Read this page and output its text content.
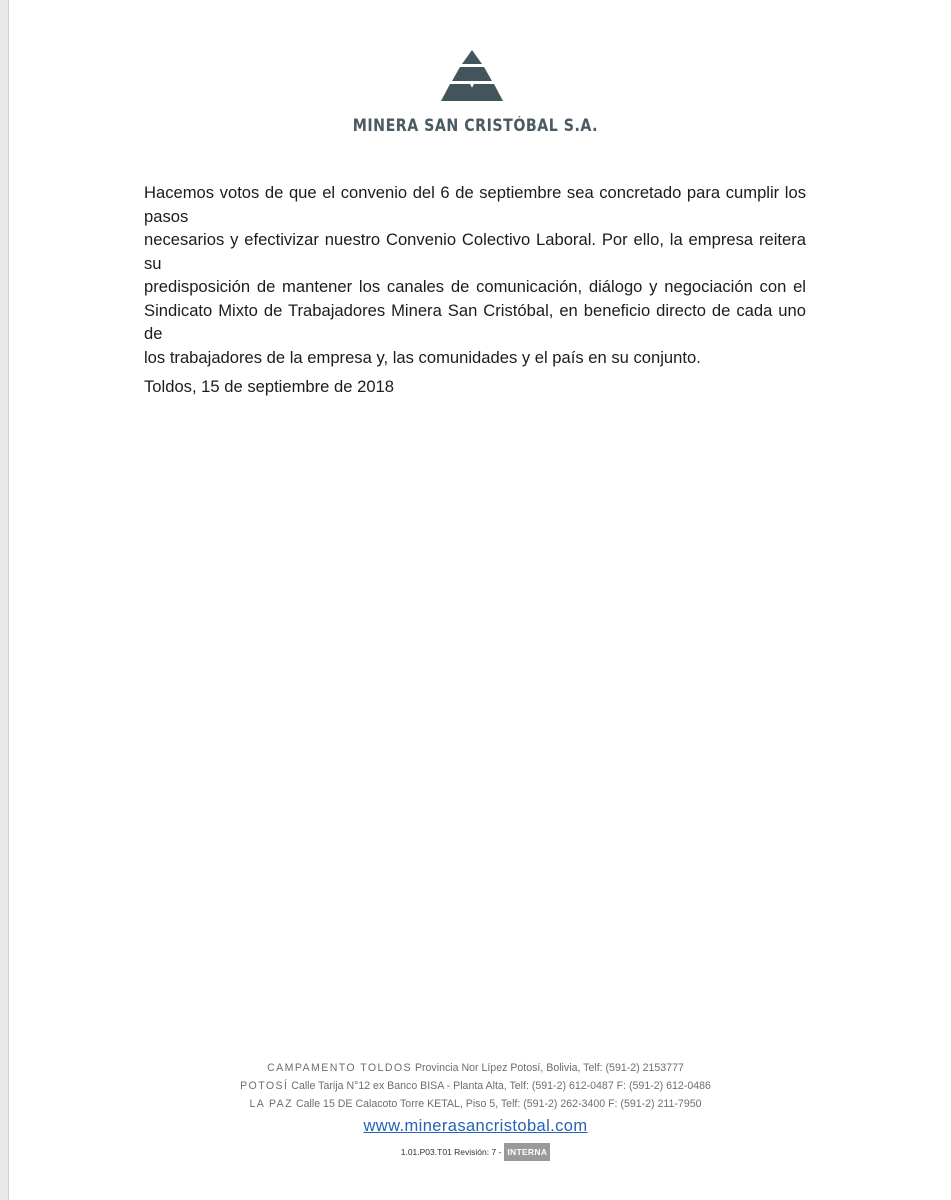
MINERA SAN CRISTÓBAL S.A.

Hacemos votos de que el convenio del 6 de septiembre sea concretado para cumplir los pasos
necesarios y efectivizar nuestro Convenio Colectivo Laboral. Por ello, la empresa reitera su
predisposición de mantener los canales de comunicación, diálogo y negociación con el
Sindicato Mixto de Trabajadores Minera San Cristóbal, en beneficio directo de cada uno de
los trabajadores de la empresa y, las comunidades y el país en su conjunto.

Toldos, 15 de septiembre de 2018

CAMPAMENTO TOLDOS Provincia Nor Lípez Potosí, Bolivia, Telf: (591-2) 2153777
POTOSÍ Calle Tarija N°12 ex Banco BISA - Planta Alta, Telf: (591-2) 612-0487 F: (591-2) 612-0486
LA PAZ Calle 15 DE Calacoto Torre KETAL, Piso 5, Telf: (591-2) 262-3400 F: (591-2) 211-7950
www.minerasancristobal.com
1.01.P03.T01 Revisión: 7 - INTERNA
